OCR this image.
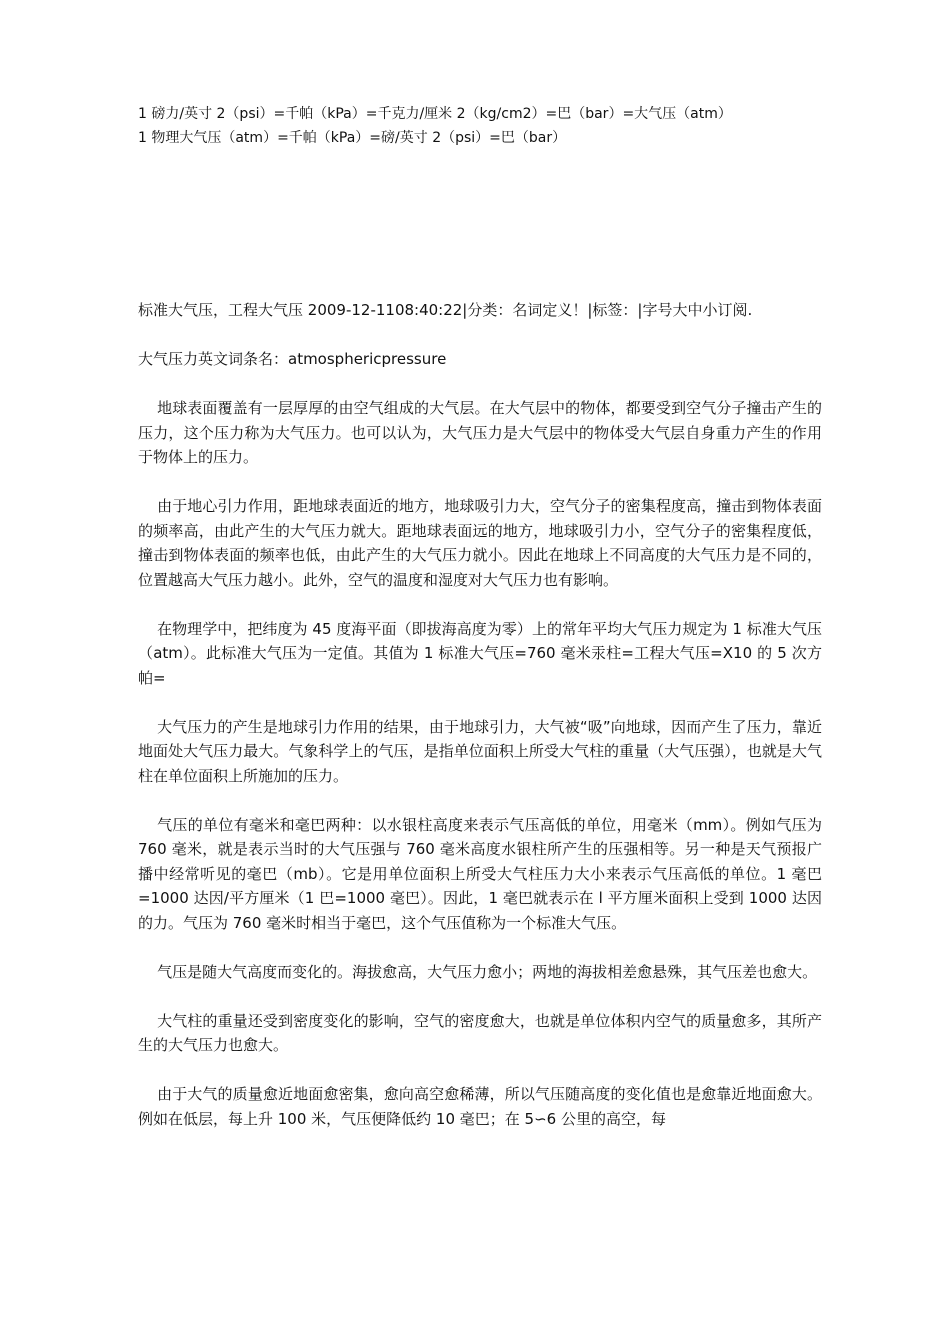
1 磅力/英寸 2（psi）=千帕（kPa）=千克力/厘米 2（kg/cm2）=巴（bar）=大气压（atm）
1 物理大气压（atm）=千帕（kPa）=磅/英寸 2（psi）=巴（bar）

标准大气压，工程大气压 2009-12-1108:40:22|分类：名词定义！|标签：|字号大中小订阅.

大气压力英文词条名：atmosphericpressure

地球表面覆盖有一层厚厚的由空气组成的大气层。在大气层中的物体，都要受到空气分子撞击产生的压力，这个压力称为大气压力。也可以认为，大气压力是大气层中的物体受大气层自身重力产生的作用于物体上的压力。

由于地心引力作用，距地球表面近的地方，地球吸引力大，空气分子的密集程度高，撞击到物体表面的频率高，由此产生的大气压力就大。距地球表面远的地方，地球吸引力小，空气分子的密集程度低，撞击到物体表面的频率也低，由此产生的大气压力就小。因此在地球上不同高度的大气压力是不同的，位置越高大气压力越小。此外，空气的温度和湿度对大气压力也有影响。

在物理学中，把纬度为 45 度海平面（即拔海高度为零）上的常年平均大气压力规定为 1 标准大气压（atm）。此标准大气压为一定值。其值为 1 标准大气压=760 毫米汞柱=工程大气压=X10 的 5 次方帕=

大气压力的产生是地球引力作用的结果，由于地球引力，大气被“吸”向地球，因而产生了压力，靠近地面处大气压力最大。气象科学上的气压，是指单位面积上所受大气柱的重量（大气压强），也就是大气柱在单位面积上所施加的压力。

气压的单位有毫米和毫巴两种：以水银柱高度来表示气压高低的单位，用毫米（mm）。例如气压为 760 毫米，就是表示当时的大气压强与 760 毫米高度水银柱所产生的压强相等。另一种是天气预报广播中经常听见的毫巴（mb）。它是用单位面积上所受大气柱压力大小来表示气压高低的单位。1 毫巴=1000 达因/平方厘米（1 巴=1000 毫巴）。因此，1 毫巴就表示在 l 平方厘米面积上受到 1000 达因的力。气压为 760 毫米时相当于毫巴，这个气压值称为一个标准大气压。

气压是随大气高度而变化的。海拔愈高，大气压力愈小；两地的海拔相差愈悬殊，其气压差也愈大。

大气柱的重量还受到密度变化的影响，空气的密度愈大，也就是单位体积内空气的质量愈多，其所产生的大气压力也愈大。

由于大气的质量愈近地面愈密集，愈向高空愈稀薄，所以气压随高度的变化值也是愈靠近地面愈大。例如在低层，每上升 100 米，气压便降低约 10 毫巴；在 5∽6 公里的高空，每
